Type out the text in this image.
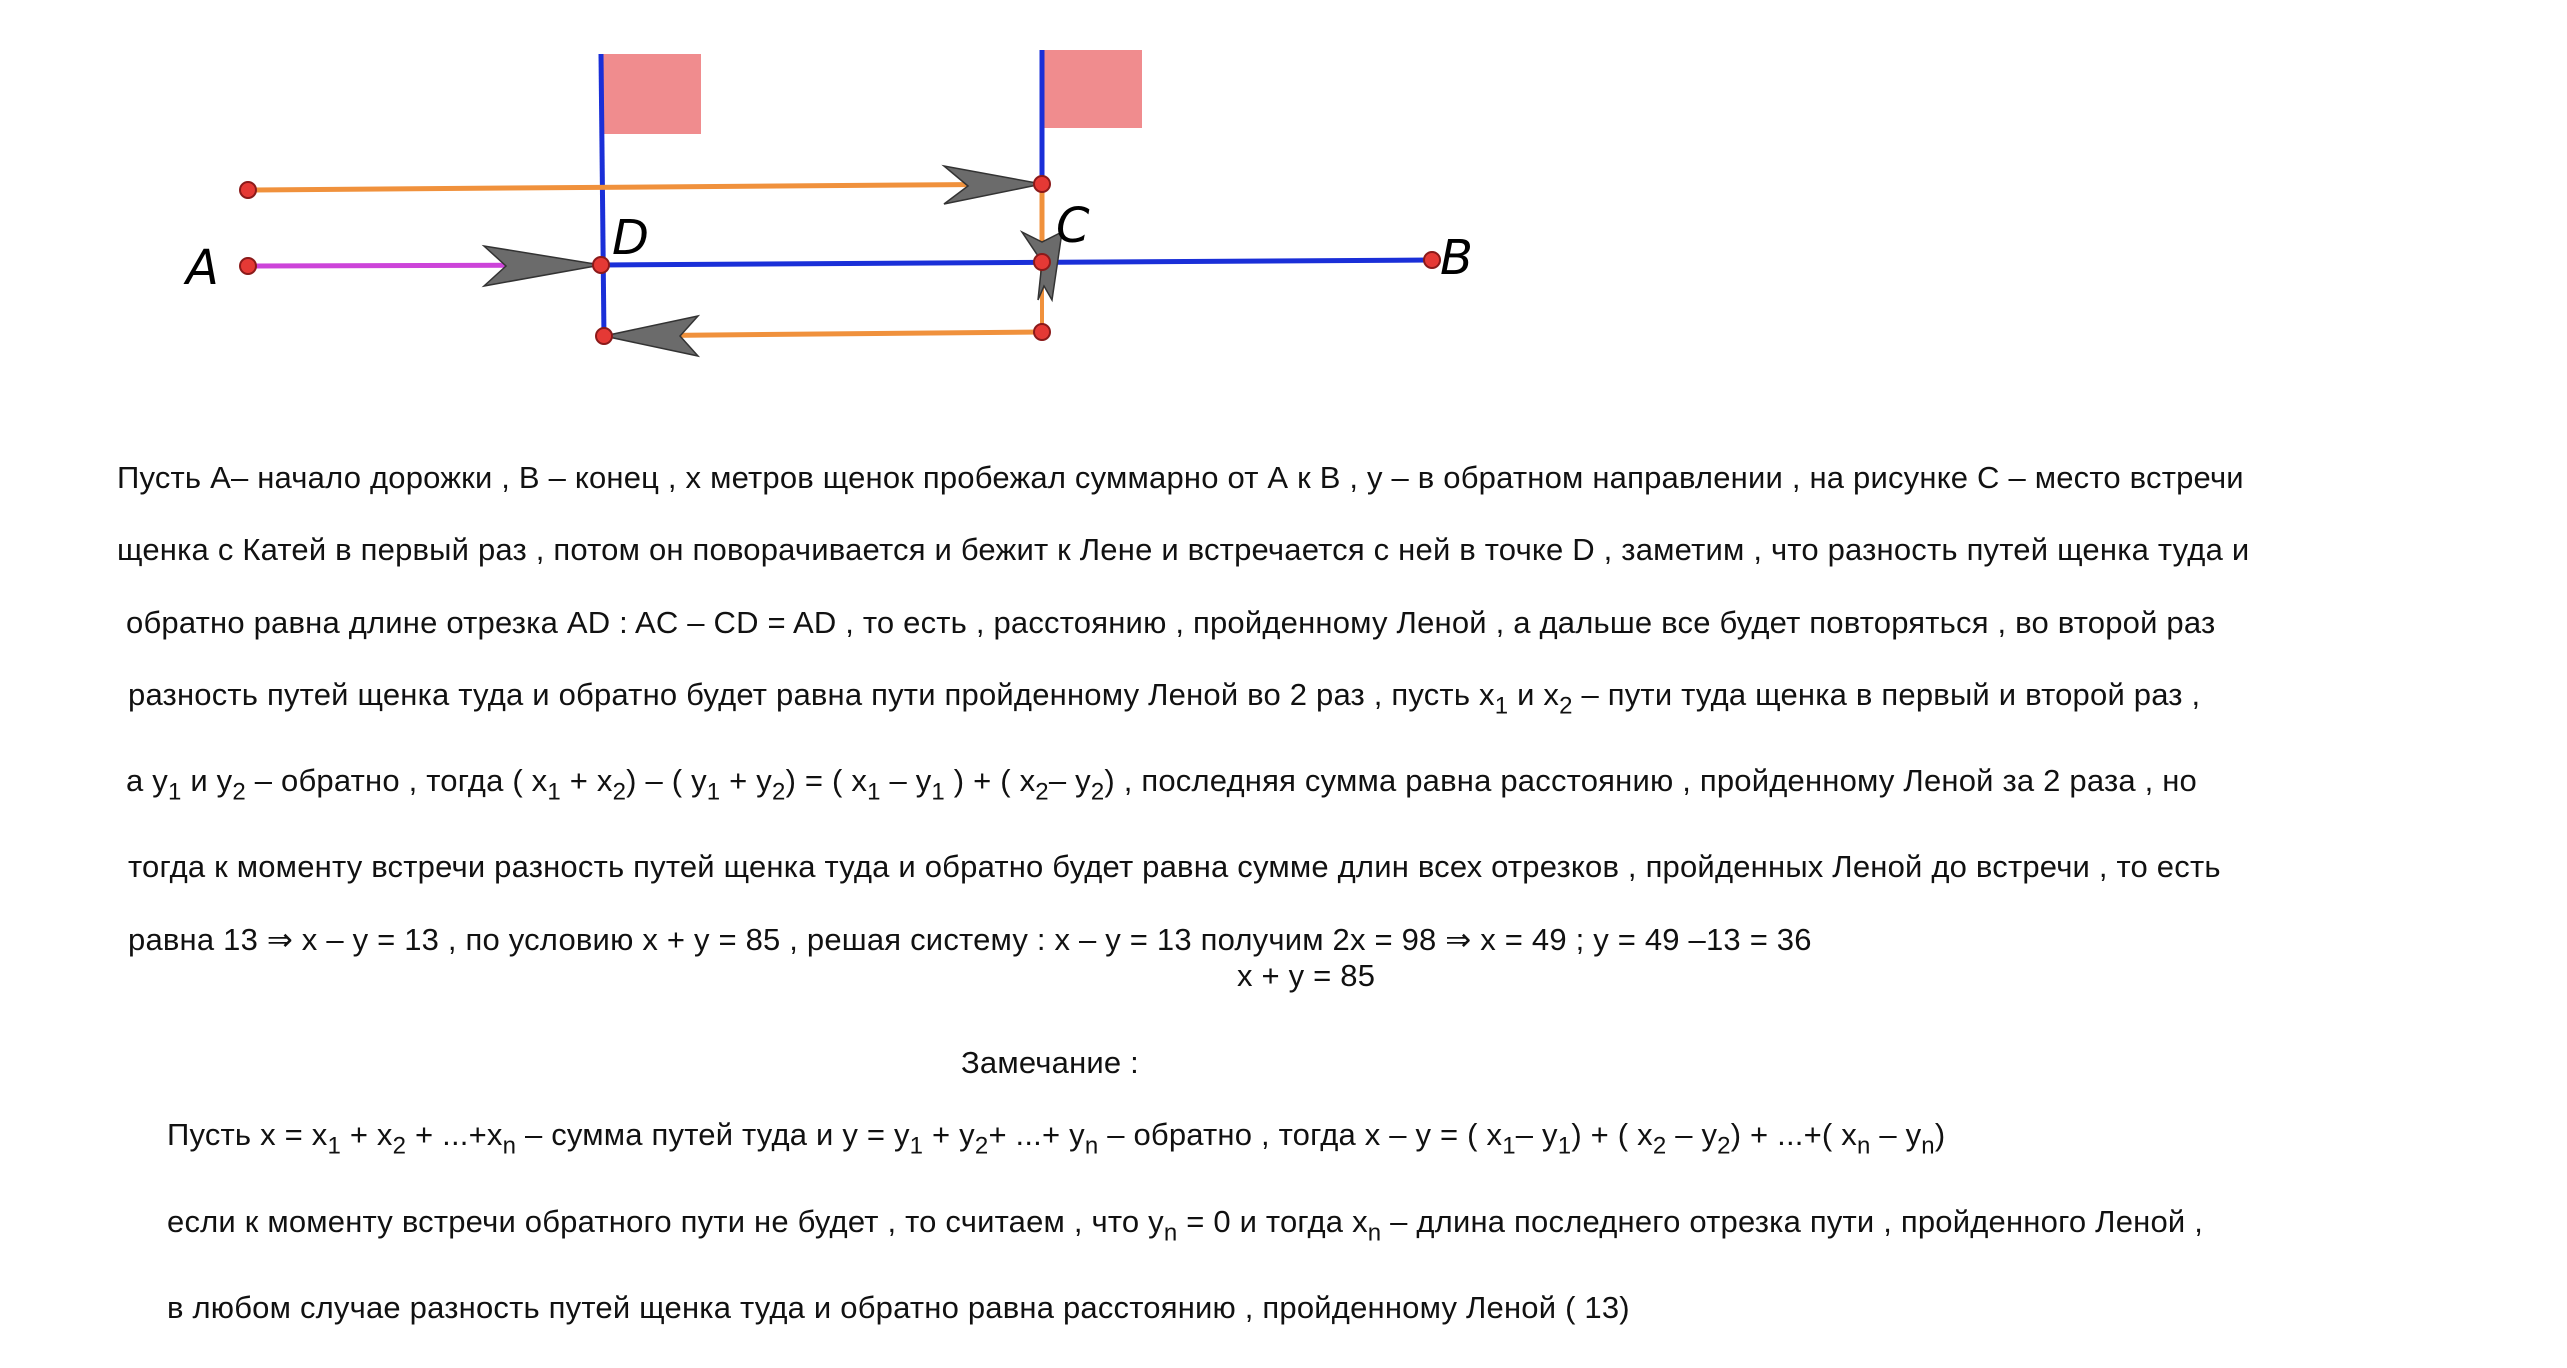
A
D	C
B
Пусть А– начало дорожки , В – конец , х метров щенок пробежал суммарно от А к В , у – в обратном направлении , на рисунке С – место встречи
щенка с Катей в первый раз , потом он поворачивается и бежит к Лене и встречается с ней в точке D , заметим , что разность путей щенка туда и
обратно равна длине отрезка AD : AC – CD = AD , то есть , расстоянию , пройденному Леной , а дальше все будет повторяться , во второй раз
разность путей щенка туда и обратно будет равна пути пройденному Леной во 2 раз , пусть $x_1$ и $x_2$ – пути туда щенка в первый и второй раз ,
а $y_1$ и $y_2$ – обратно , тогда ( $x_1 + x_2$) – ( $y_1 + y_2$) = ( $x_1 - y_1$ ) + ( $x_2-$ $y_2$) , последняя сумма равна расстоянию , пройденному Леной за 2 раза , но
тогда к моменту встречи разность путей щенка туда и обратно будет равна сумме длин всех отрезков , пройденных Леной до встречи , то есть
равна 13 ⇒ x – y = 13 , по условию x + y = 85 , решая систему : x – y = 13 получим 2x = 98 ⇒ x = 49 ; y = 49 –13 = 36
x + y = 85
Замечание :
Пусть $x = x_1 + x_2 + ...+x_n$ – сумма путей туда и $y = y_1 + y_2+$ ...+ $y_n$ – обратно , тогда x – y = ( $x_1-$ $y_1$) + ( $x_2 - y_2$) + ...+( $x_n - y_n$)
если к моменту встречи обратного пути не будет , то считаем , что $y_n = 0$ и тогда $x_n$ – длина последнего отрезка пути , пройденного Леной ,
в любом случае разность путей щенка туда и обратно равна расстоянию , пройденному Леной ( 13)
